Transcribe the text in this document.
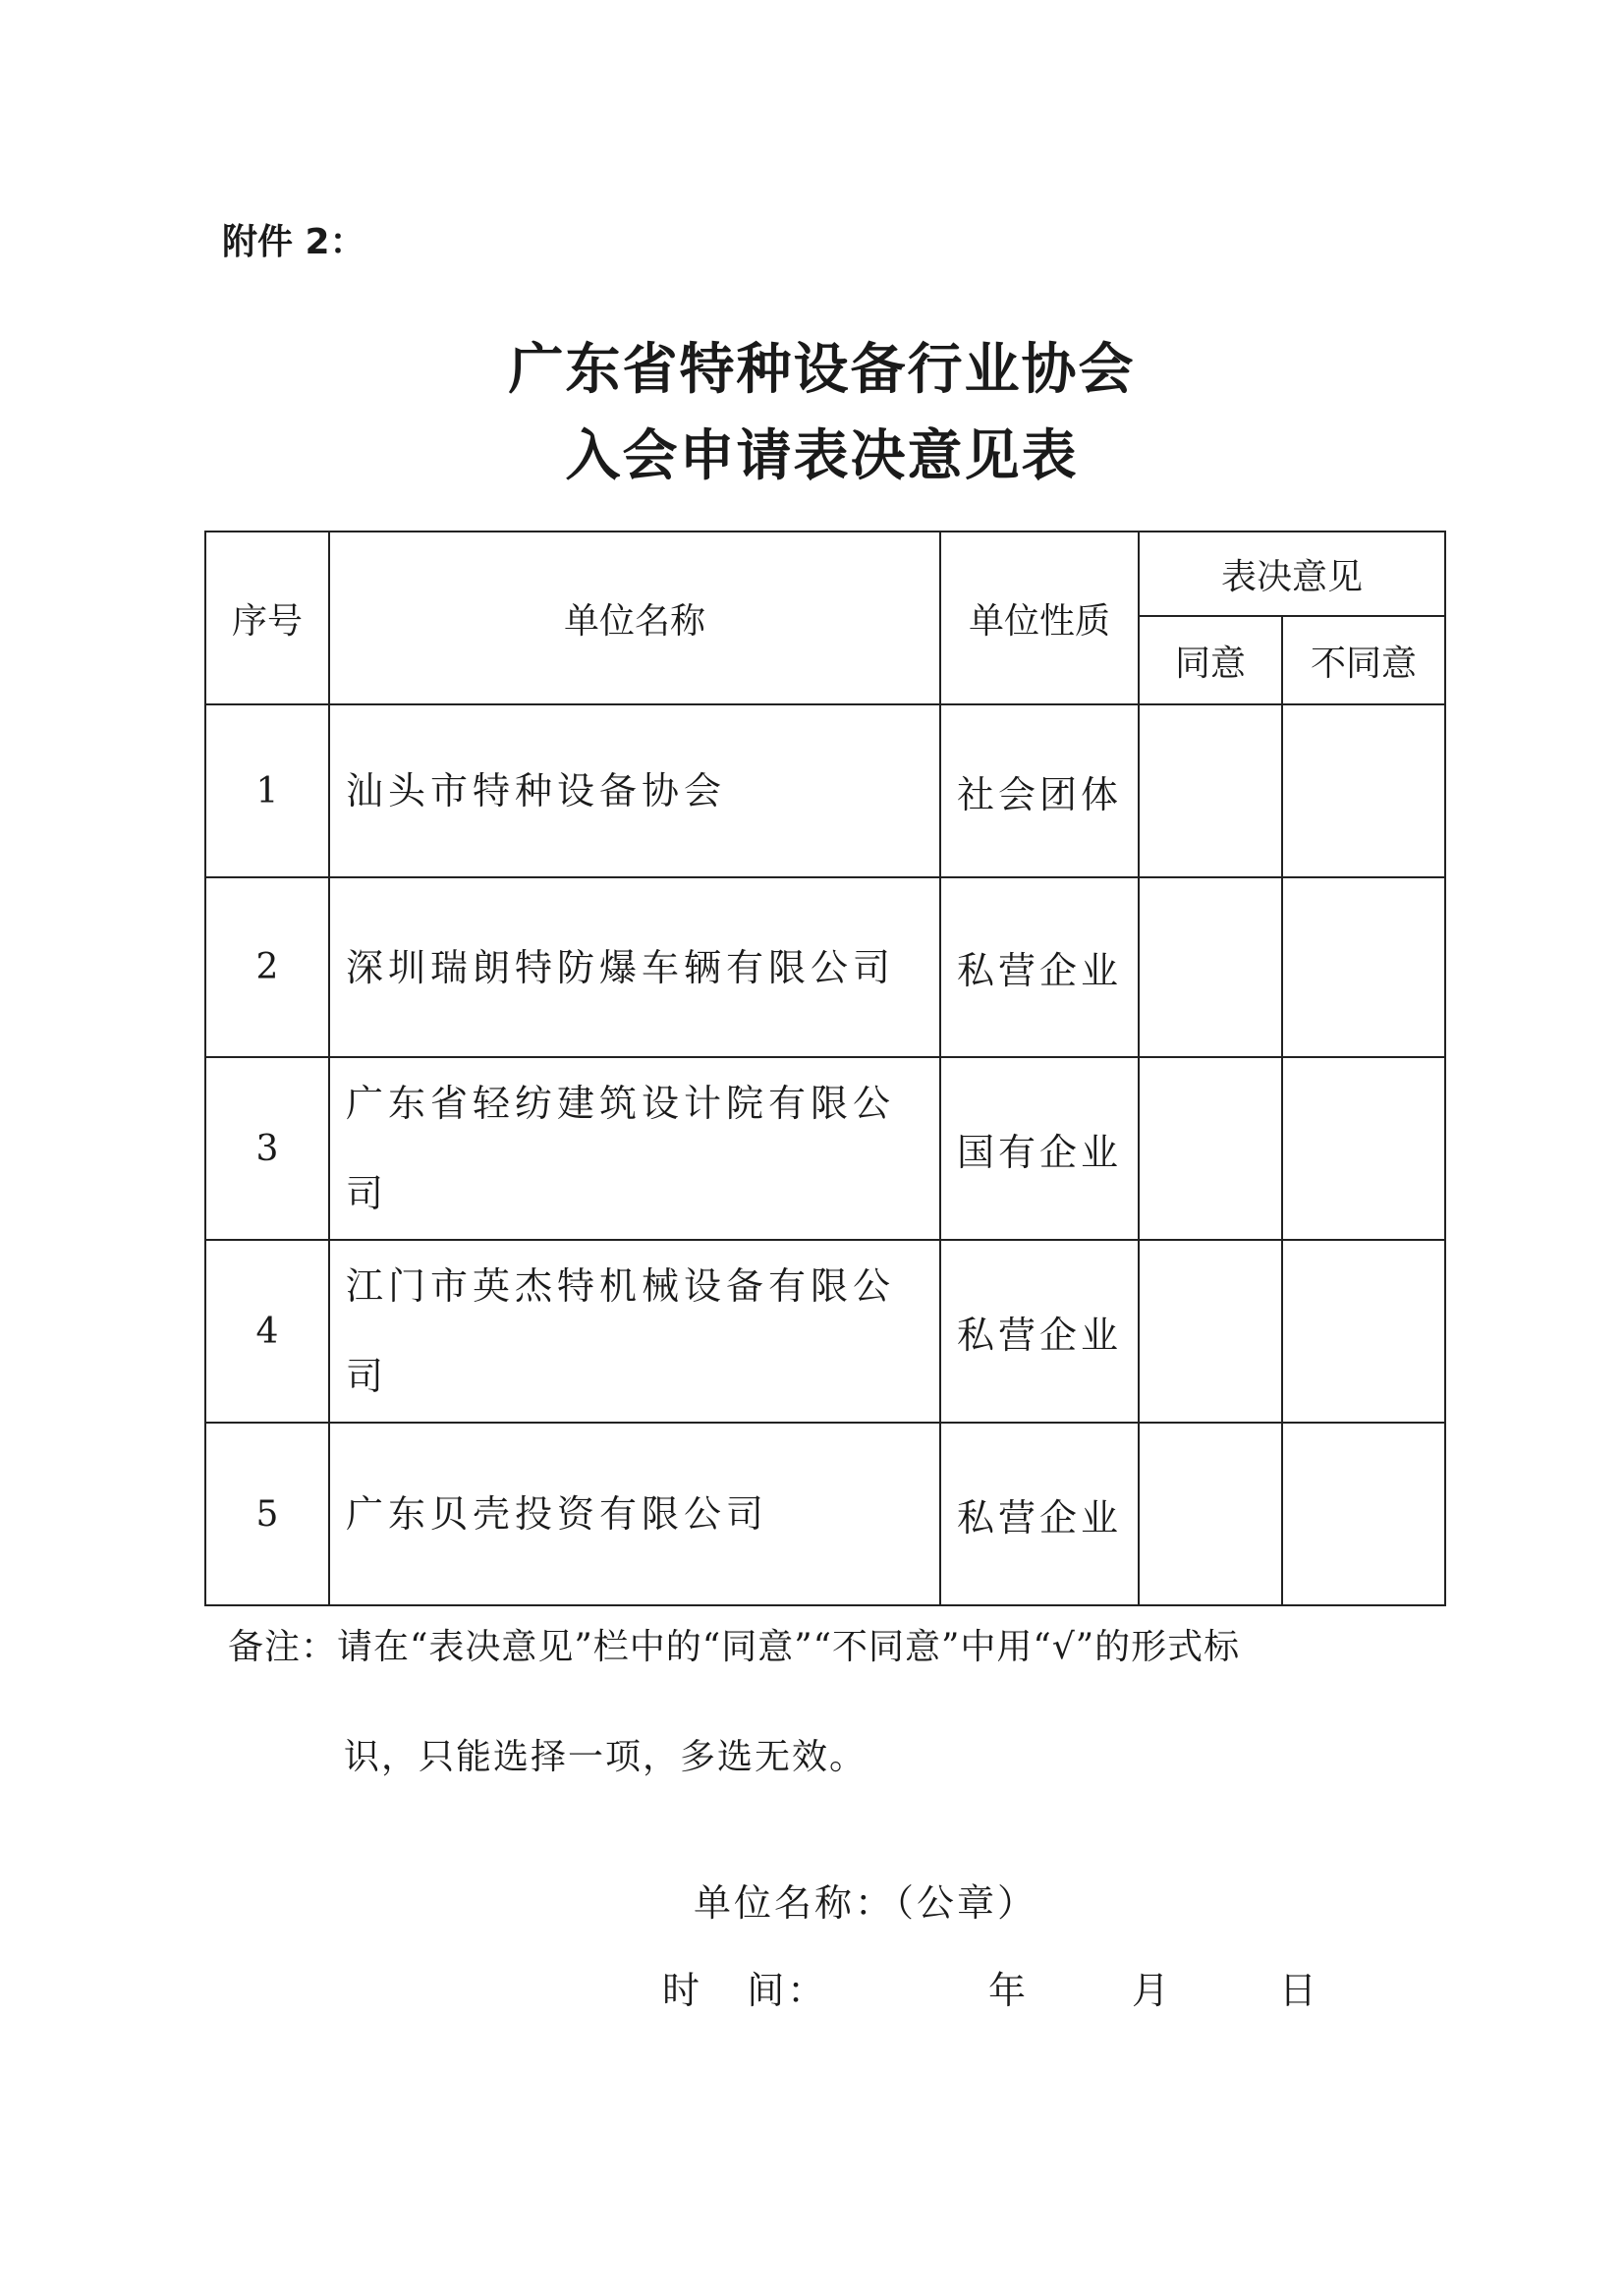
附件 2：
广东省特种设备行业协会
入会申请表决意见表
序号	单位名称	单位性质	表决意见	
			同意	不同意
1	汕头市特种设备协会	社会团体		
2	深圳瑞朗特防爆车辆有限公司	私营企业		
3	广东省轻纺建筑设计院有限公司	国有企业		
4	江门市英杰特机械设备有限公司	私营企业		
5	广东贝壳投资有限公司	私营企业		
备注：请在“表决意见”栏中的“同意”“不同意”中用“√”的形式标
识，只能选择一项，多选无效。
单位名称：（公章）
时   间：	年	月	日
